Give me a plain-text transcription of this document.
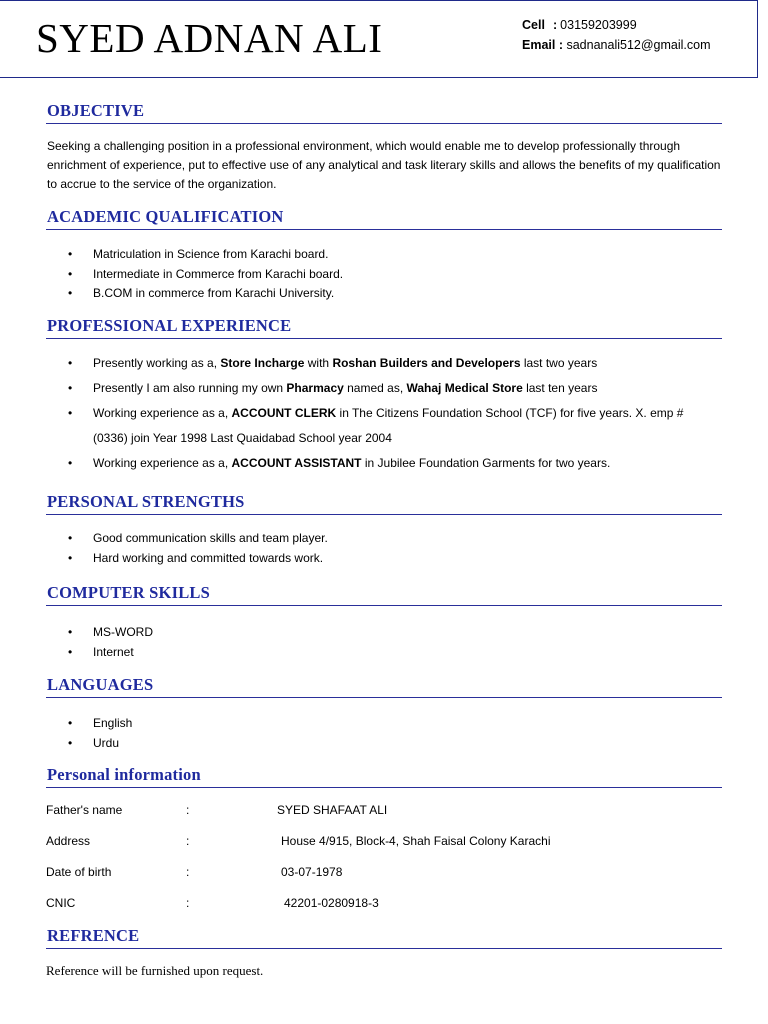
SYED ADNAN ALI	Cell : 03159203999
Email : sadnanali512@gmail.com
OBJECTIVE
Seeking a challenging position in a professional environment, which would enable me to develop professionally through enrichment of experience, put to effective use of any analytical and task literary skills and allows the benefits of my qualification to accrue to the service of the organization.
ACADEMIC QUALIFICATION
• Matriculation in Science from Karachi board.
• Intermediate in Commerce from Karachi board.
• B.COM in commerce from Karachi University.
PROFESSIONAL EXPERIENCE
• Presently working as a, Store Incharge with Roshan Builders and Developers last two years
• Presently I am also running my own Pharmacy named as, Wahaj Medical Store last ten years
• Working experience as a, ACCOUNT CLERK in The Citizens Foundation School (TCF) for five years. X. emp #
(0336) join Year 1998 Last Quaidabad School year 2004
• Working experience as a, ACCOUNT ASSISTANT in Jubilee Foundation Garments for two years.
PERSONAL STRENGTHS
• Good communication skills and team player.
• Hard working and committed towards work.
COMPUTER SKILLS
• MS-WORD
• Internet
LANGUAGES
• English
• Urdu
Personal information
Father's name	:	SYED SHAFAAT ALI
Address	:	House 4/915, Block-4, Shah Faisal Colony Karachi
Date of birth	:	03-07-1978
CNIC	:	42201-0280918-3
REFRENCE
Reference will be furnished upon request.
